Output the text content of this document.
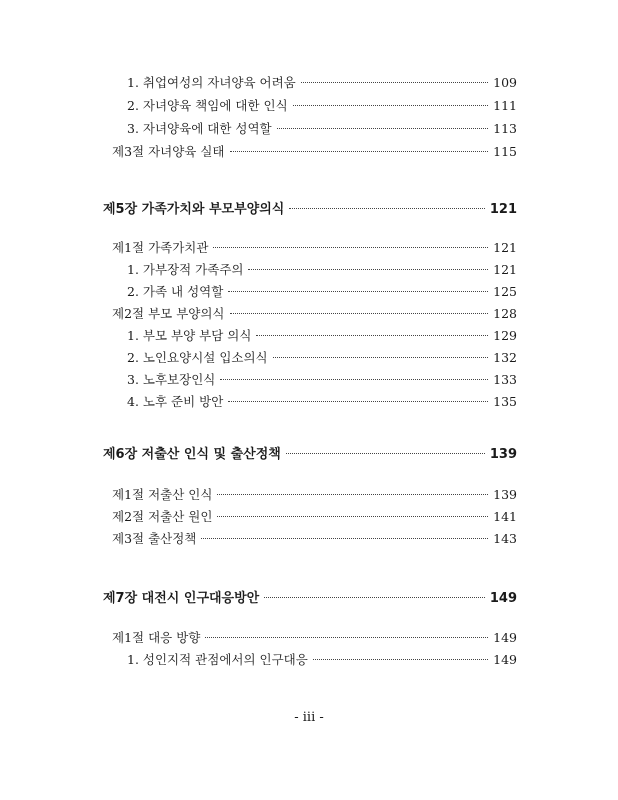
1. 취업여성의 자녀양육 어려움	109
2. 자녀양육 책임에 대한 인식	111
3. 자녀양육에 대한 성역할	113
제3절 자녀양육 실태	115
제5장 가족가치와 부모부양의식	121
제1절 가족가치관	121
1. 가부장적 가족주의	121
2. 가족 내 성역할	125
제2절 부모 부양의식	128
1. 부모 부양 부담 의식	129
2. 노인요양시설 입소의식	132
3. 노후보장인식	133
4. 노후 준비 방안	135
제6장 저출산 인식 및 출산정책	139
제1절 저출산 인식	139
제2절 저출산 원인	141
제3절 출산정책	143
제7장 대전시 인구대응방안	149
제1절 대응 방향	149
1. 성인지적 관점에서의 인구대응	149
- iii -
